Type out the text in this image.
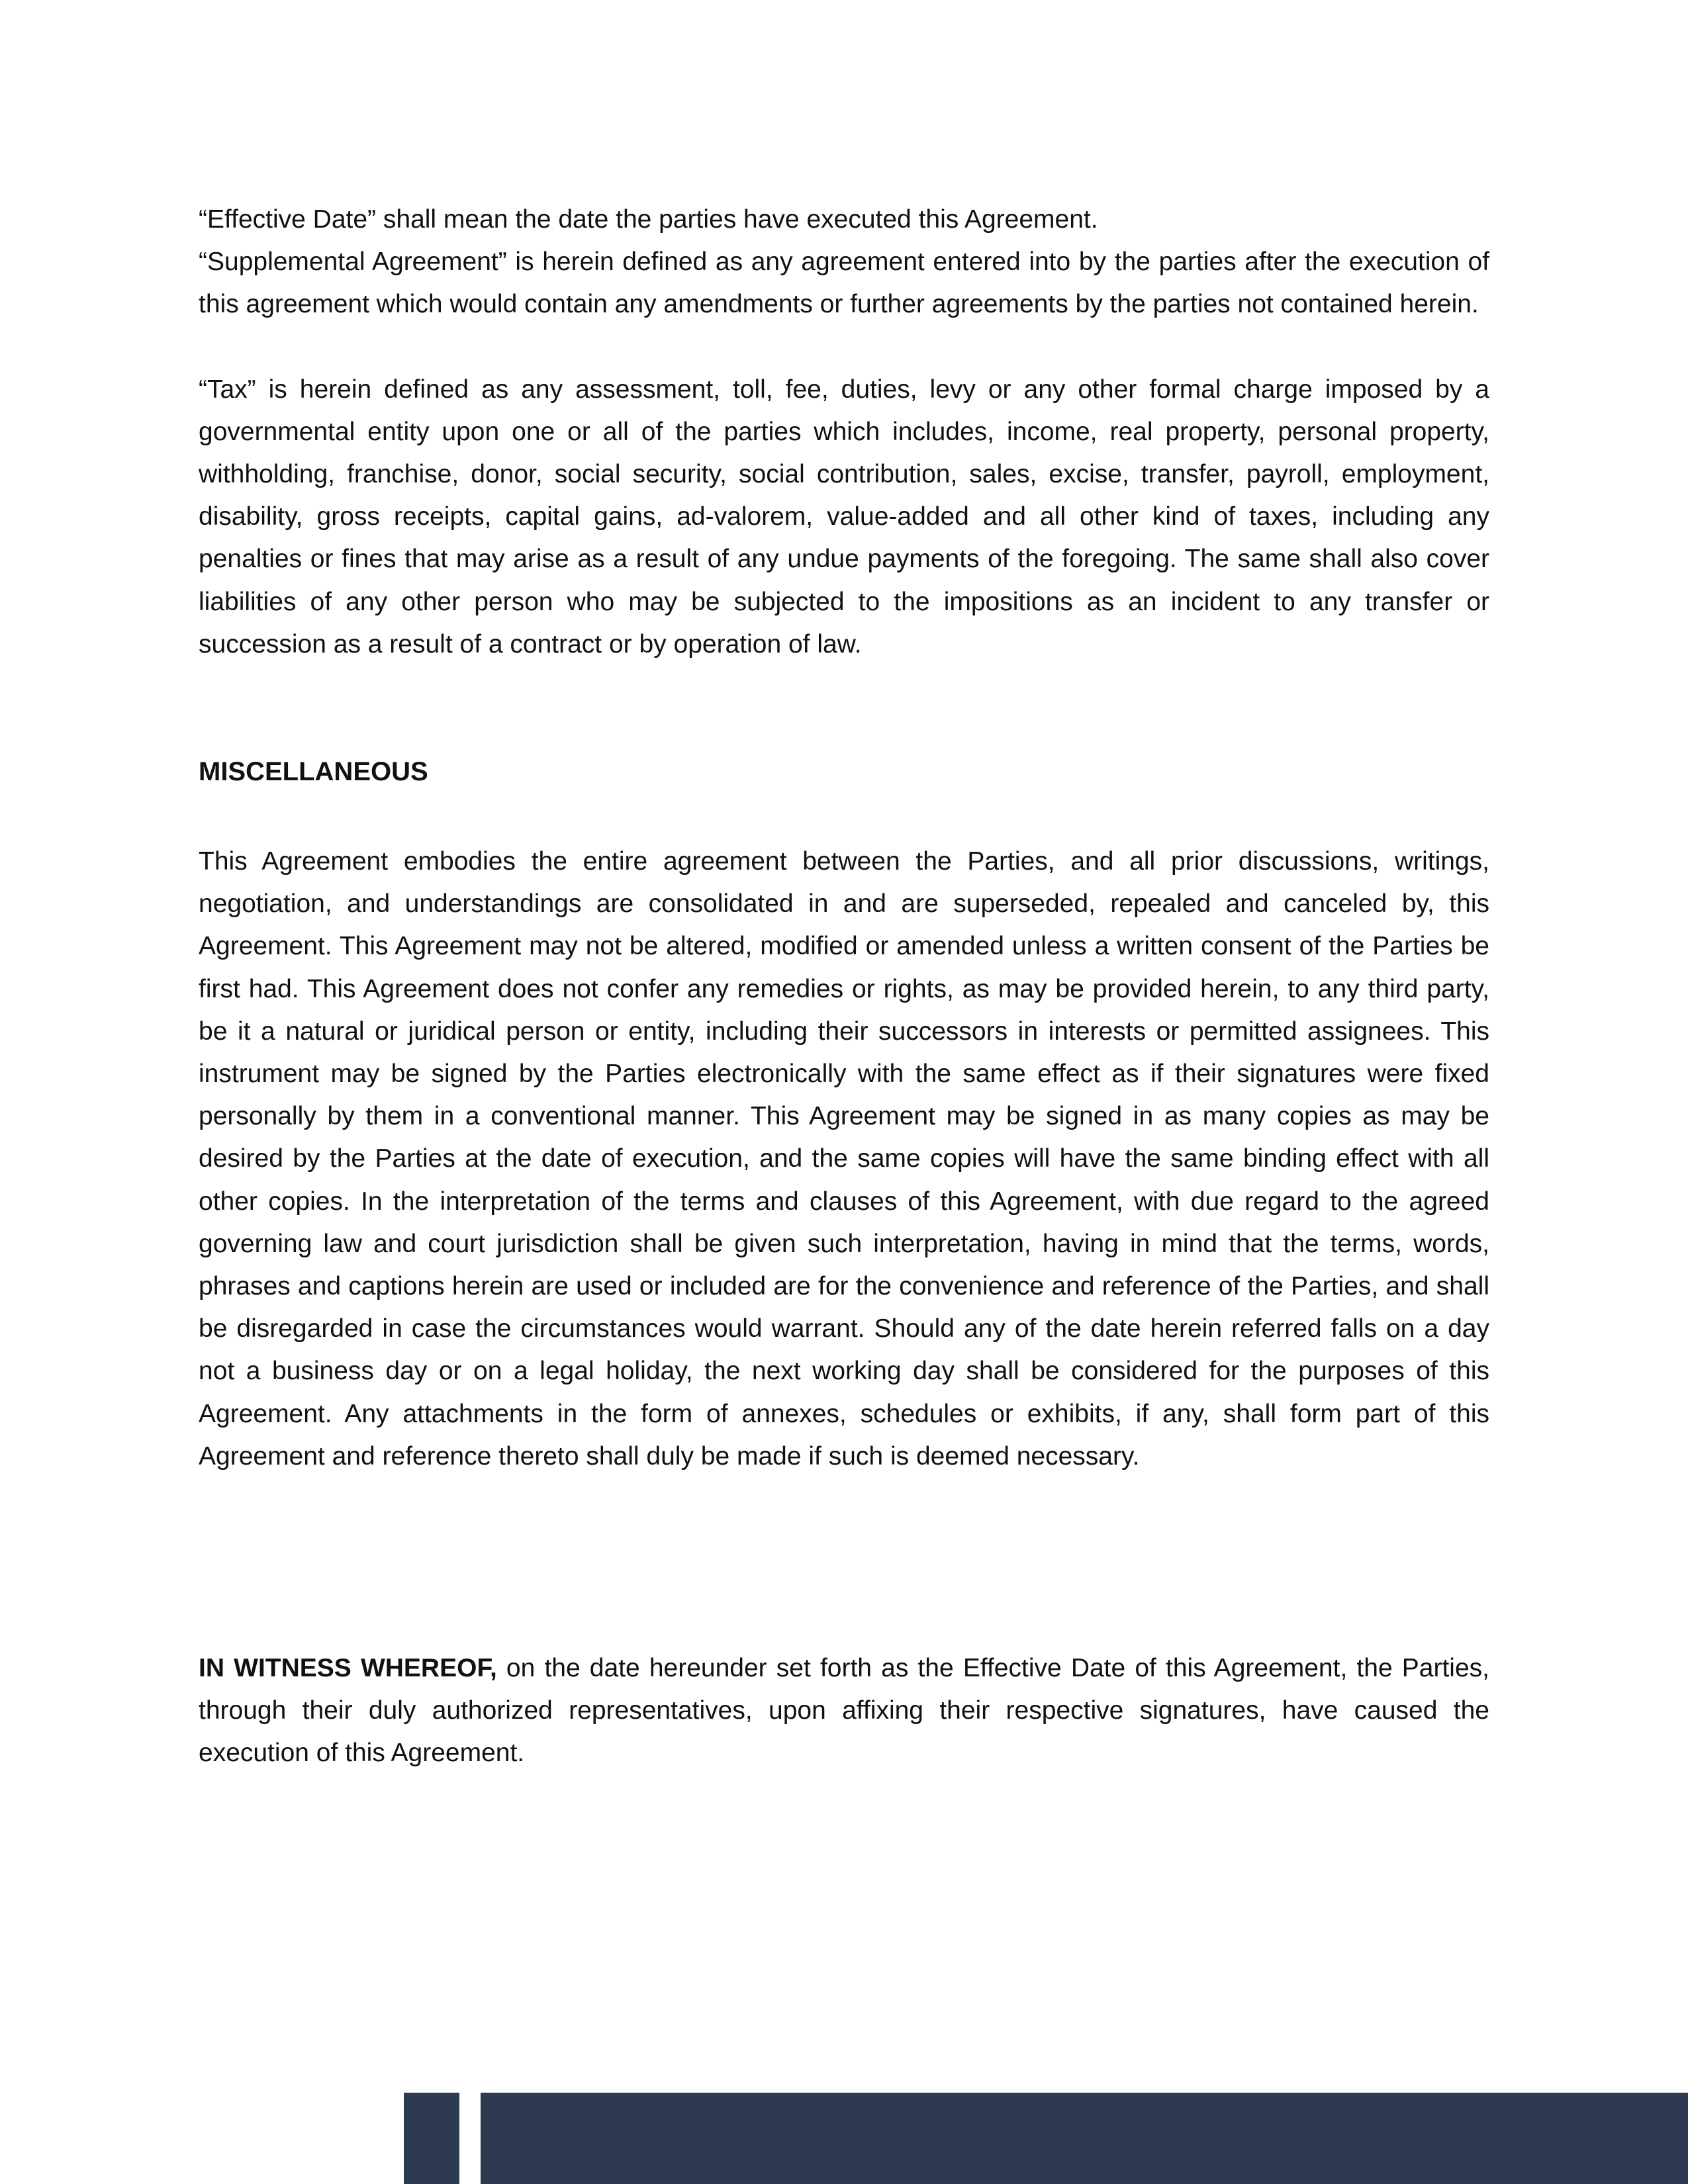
“Effective Date” shall mean the date the parties have executed this Agreement.

“Supplemental Agreement” is herein defined as any agreement entered into by the parties after the execution of this agreement which would contain any amendments or further agreements by the parties not contained herein.

“Tax” is herein defined as any assessment, toll, fee, duties, levy or any other formal charge imposed by a governmental entity upon one or all of the parties which includes, income, real property, personal property, withholding, franchise, donor, social security, social contribution, sales, excise, transfer, payroll, employment, disability, gross receipts, capital gains, ad-valorem, value-added and all other kind of taxes, including any penalties or fines that may arise as a result of any undue payments of the foregoing. The same shall also cover liabilities of any other person who may be subjected to the impositions as an incident to any transfer or succession as a result of a contract or by operation of law.

MISCELLANEOUS

This Agreement embodies the entire agreement between the Parties, and all prior discussions, writings, negotiation, and understandings are consolidated in and are superseded, repealed and canceled by, this Agreement. This Agreement may not be altered, modified or amended unless a written consent of the Parties be first had. This Agreement does not confer any remedies or rights, as may be provided herein, to any third party, be it a natural or juridical person or entity, including their successors in interests or permitted assignees. This instrument may be signed by the Parties electronically with the same effect as if their signatures were fixed personally by them in a conventional manner. This Agreement may be signed in as many copies as may be desired by the Parties at the date of execution, and the same copies will have the same binding effect with all other copies. In the interpretation of the terms and clauses of this Agreement, with due regard to the agreed governing law and court jurisdiction shall be given such interpretation, having in mind that the terms, words, phrases and captions herein are used or included are for the convenience and reference of the Parties, and shall be disregarded in case the circumstances would warrant. Should any of the date herein referred falls on a day not a business day or on a legal holiday, the next working day shall be considered for the purposes of this Agreement. Any attachments in the form of annexes, schedules or exhibits, if any, shall form part of this Agreement and reference thereto shall duly be made if such is deemed necessary.

IN WITNESS WHEREOF, on the date hereunder set forth as the Effective Date of this Agreement, the Parties, through their duly authorized representatives, upon affixing their respective signatures, have caused the execution of this Agreement.
